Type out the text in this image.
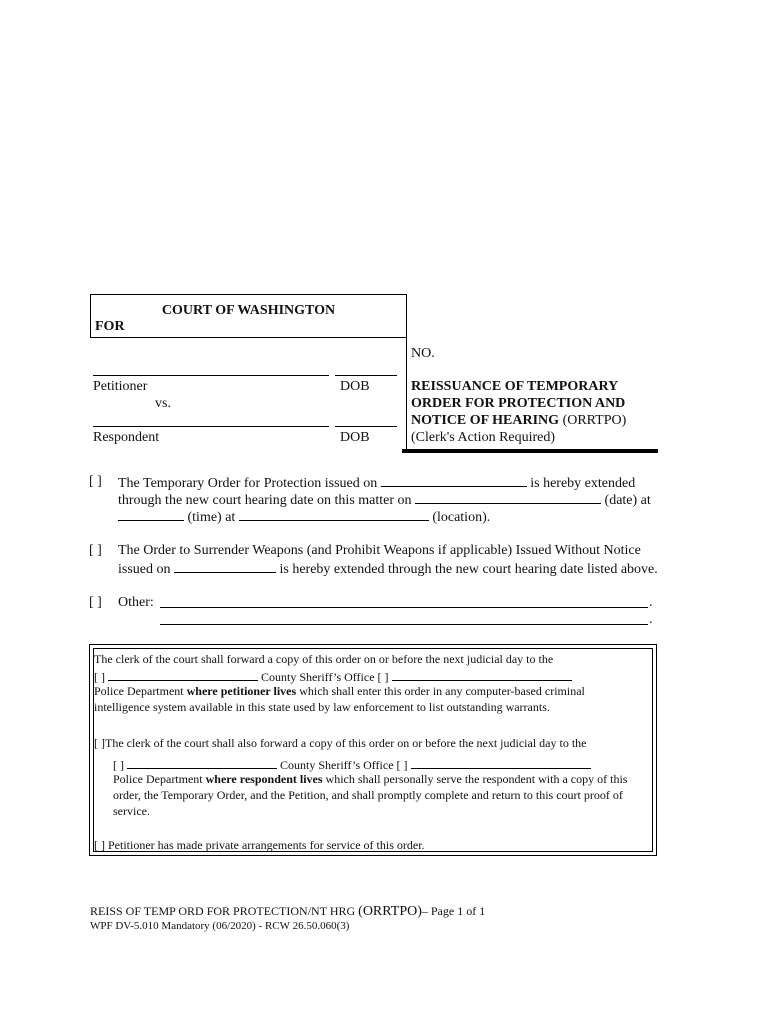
COURT OF WASHINGTON
FOR
Petitioner	DOB
vs.
Respondent	DOB
NO.
REISSUANCE OF TEMPORARY
ORDER FOR PROTECTION AND
NOTICE OF HEARING (ORRTPO)
(Clerk's Action Required)
[ ] The Temporary Order for Protection issued on	is hereby extended
through the new court hearing date on this matter on	(date) at
(time) at	(location).
[ ] The Order to Surrender Weapons (and Prohibit Weapons if applicable) Issued Without Notice
issued on	is hereby extended through the new court hearing date listed above.
[ ] Other:	.
.
The clerk of the court shall forward a copy of this order on or before the next judicial day to the
[ ]	County Sheriff’s Office [ ]
Police Department where petitioner lives which shall enter this order in any computer-based criminal
intelligence system available in this state used by law enforcement to list outstanding warrants.
[ ]The clerk of the court shall also forward a copy of this order on or before the next judicial day to the
[ ]	County Sheriff’s Office [ ]
Police Department where respondent lives which shall personally serve the respondent with a copy of this
order, the Temporary Order, and the Petition, and shall promptly complete and return to this court proof of
service.
[ ] Petitioner has made private arrangements for service of this order.
REISS OF TEMP ORD FOR PROTECTION/NT HRG (ORRTPO)– Page 1 of 1
WPF DV-5.010 Mandatory (06/2020) - RCW 26.50.060(3)
